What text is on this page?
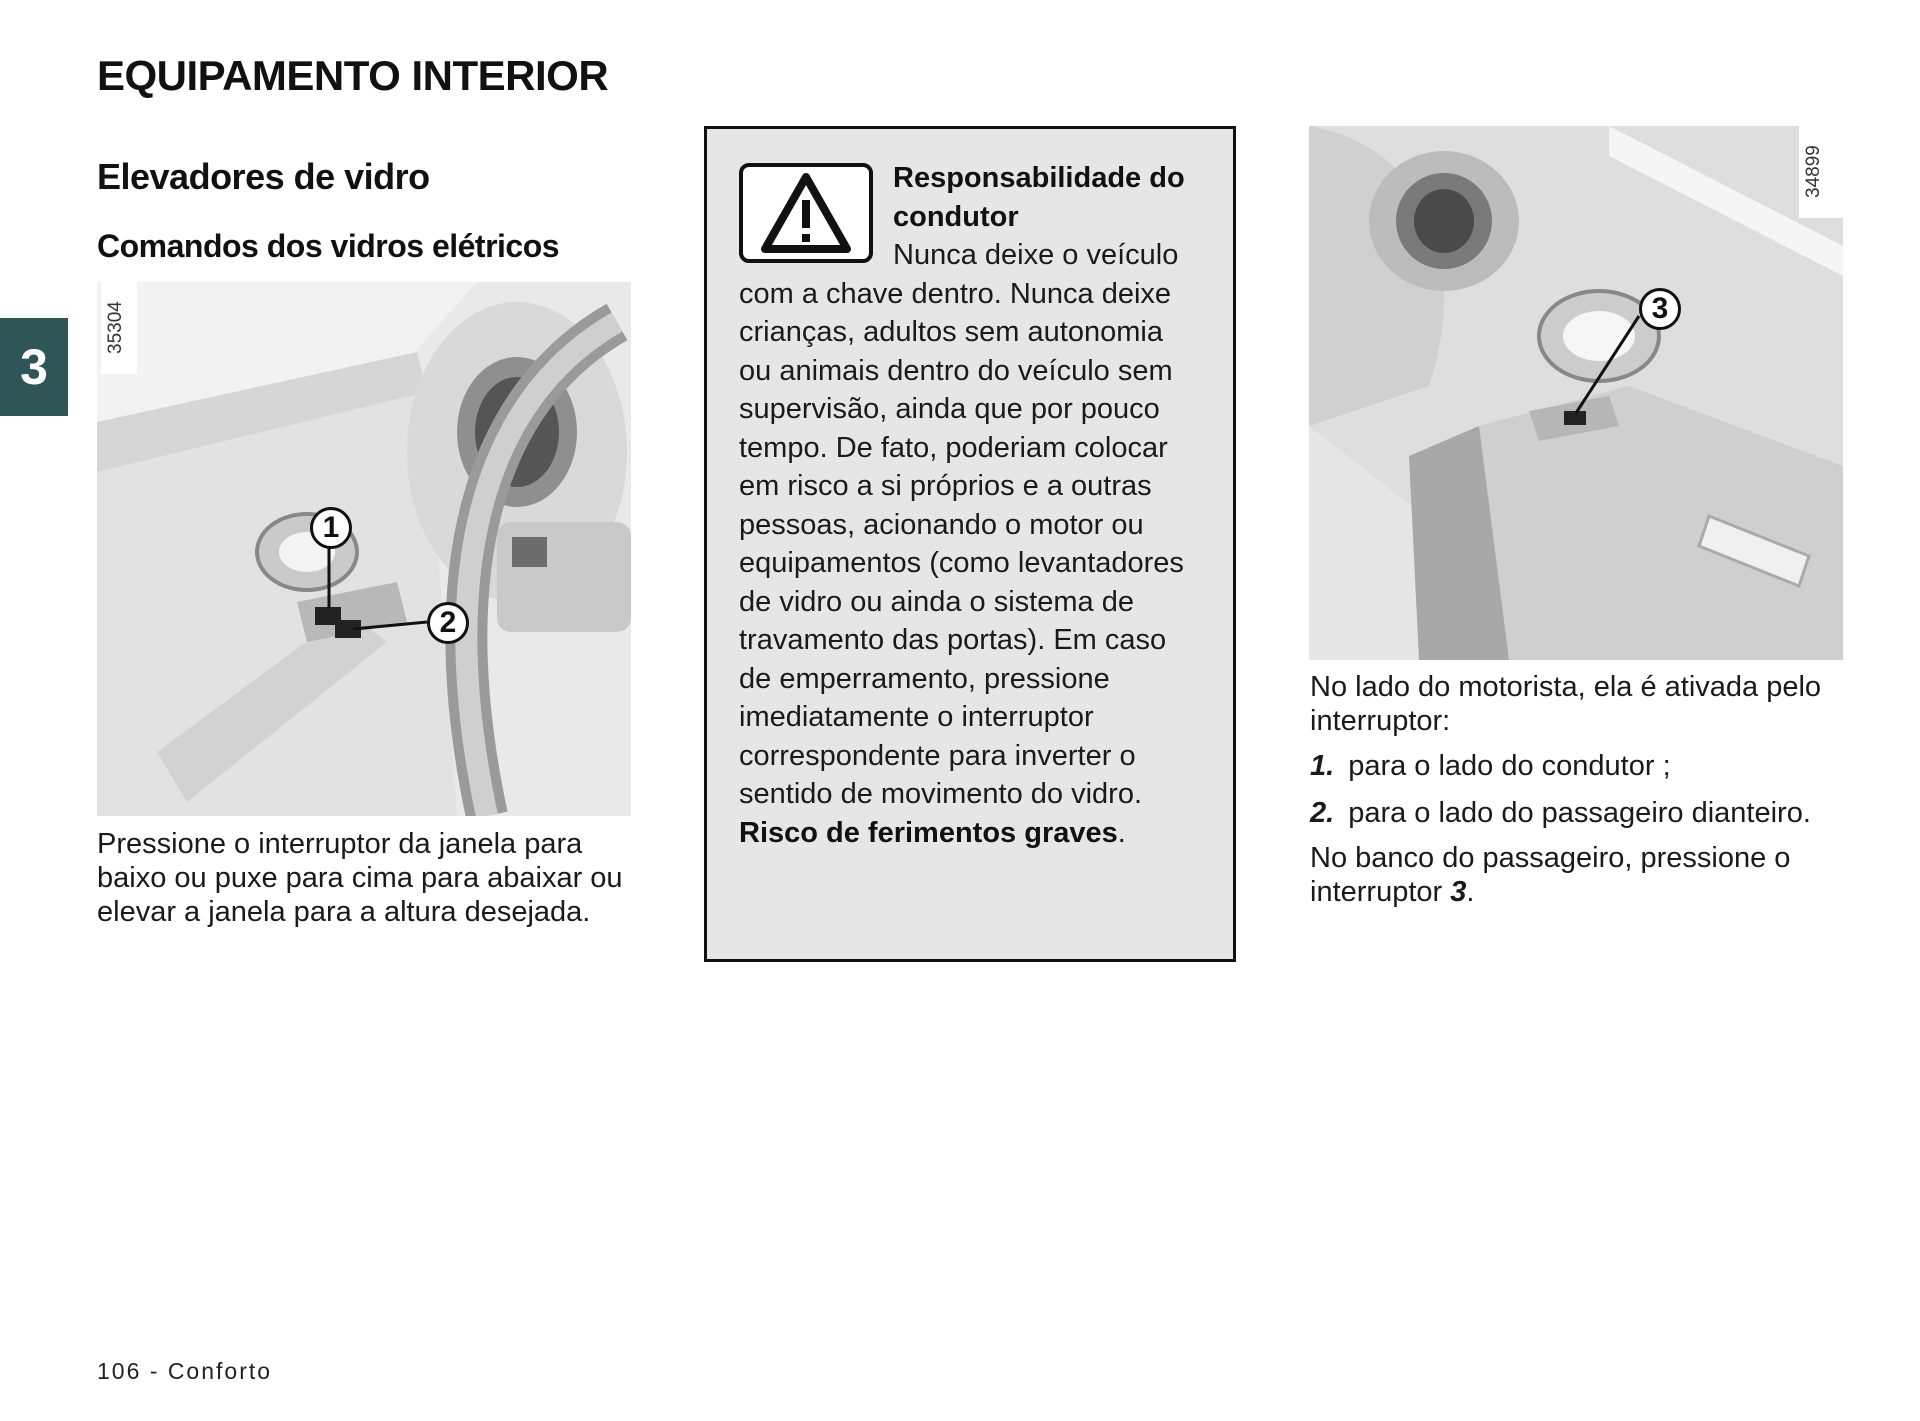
EQUIPAMENTO INTERIOR
3
Elevadores de vidro
Comandos dos vidros elétricos
35304
1
2

Pressione o interruptor da janela para baixo ou puxe para cima para abaixar ou elevar a janela para a altura desejada.

Responsabilidade do condutor
Nunca deixe o veículo com a chave dentro. Nunca deixe crianças, adultos sem autonomia ou animais dentro do veículo sem supervisão, ainda que por pouco tempo. De fato, poderiam colocar em risco a si próprios e a outras pessoas, acionando o motor ou equipamentos (como levantadores de vidro ou ainda o sistema de travamento das portas). Em caso de emperramento, pressione imediatamente o interruptor correspondente para inverter o sentido de movimento do vidro. Risco de ferimentos graves.

34899
3

No lado do motorista, ela é ativada pelo interruptor:

1. para o lado do condutor ;
2. para o lado do passageiro dianteiro.

No banco do passageiro, pressione o interruptor 3.

106 - Conforto
